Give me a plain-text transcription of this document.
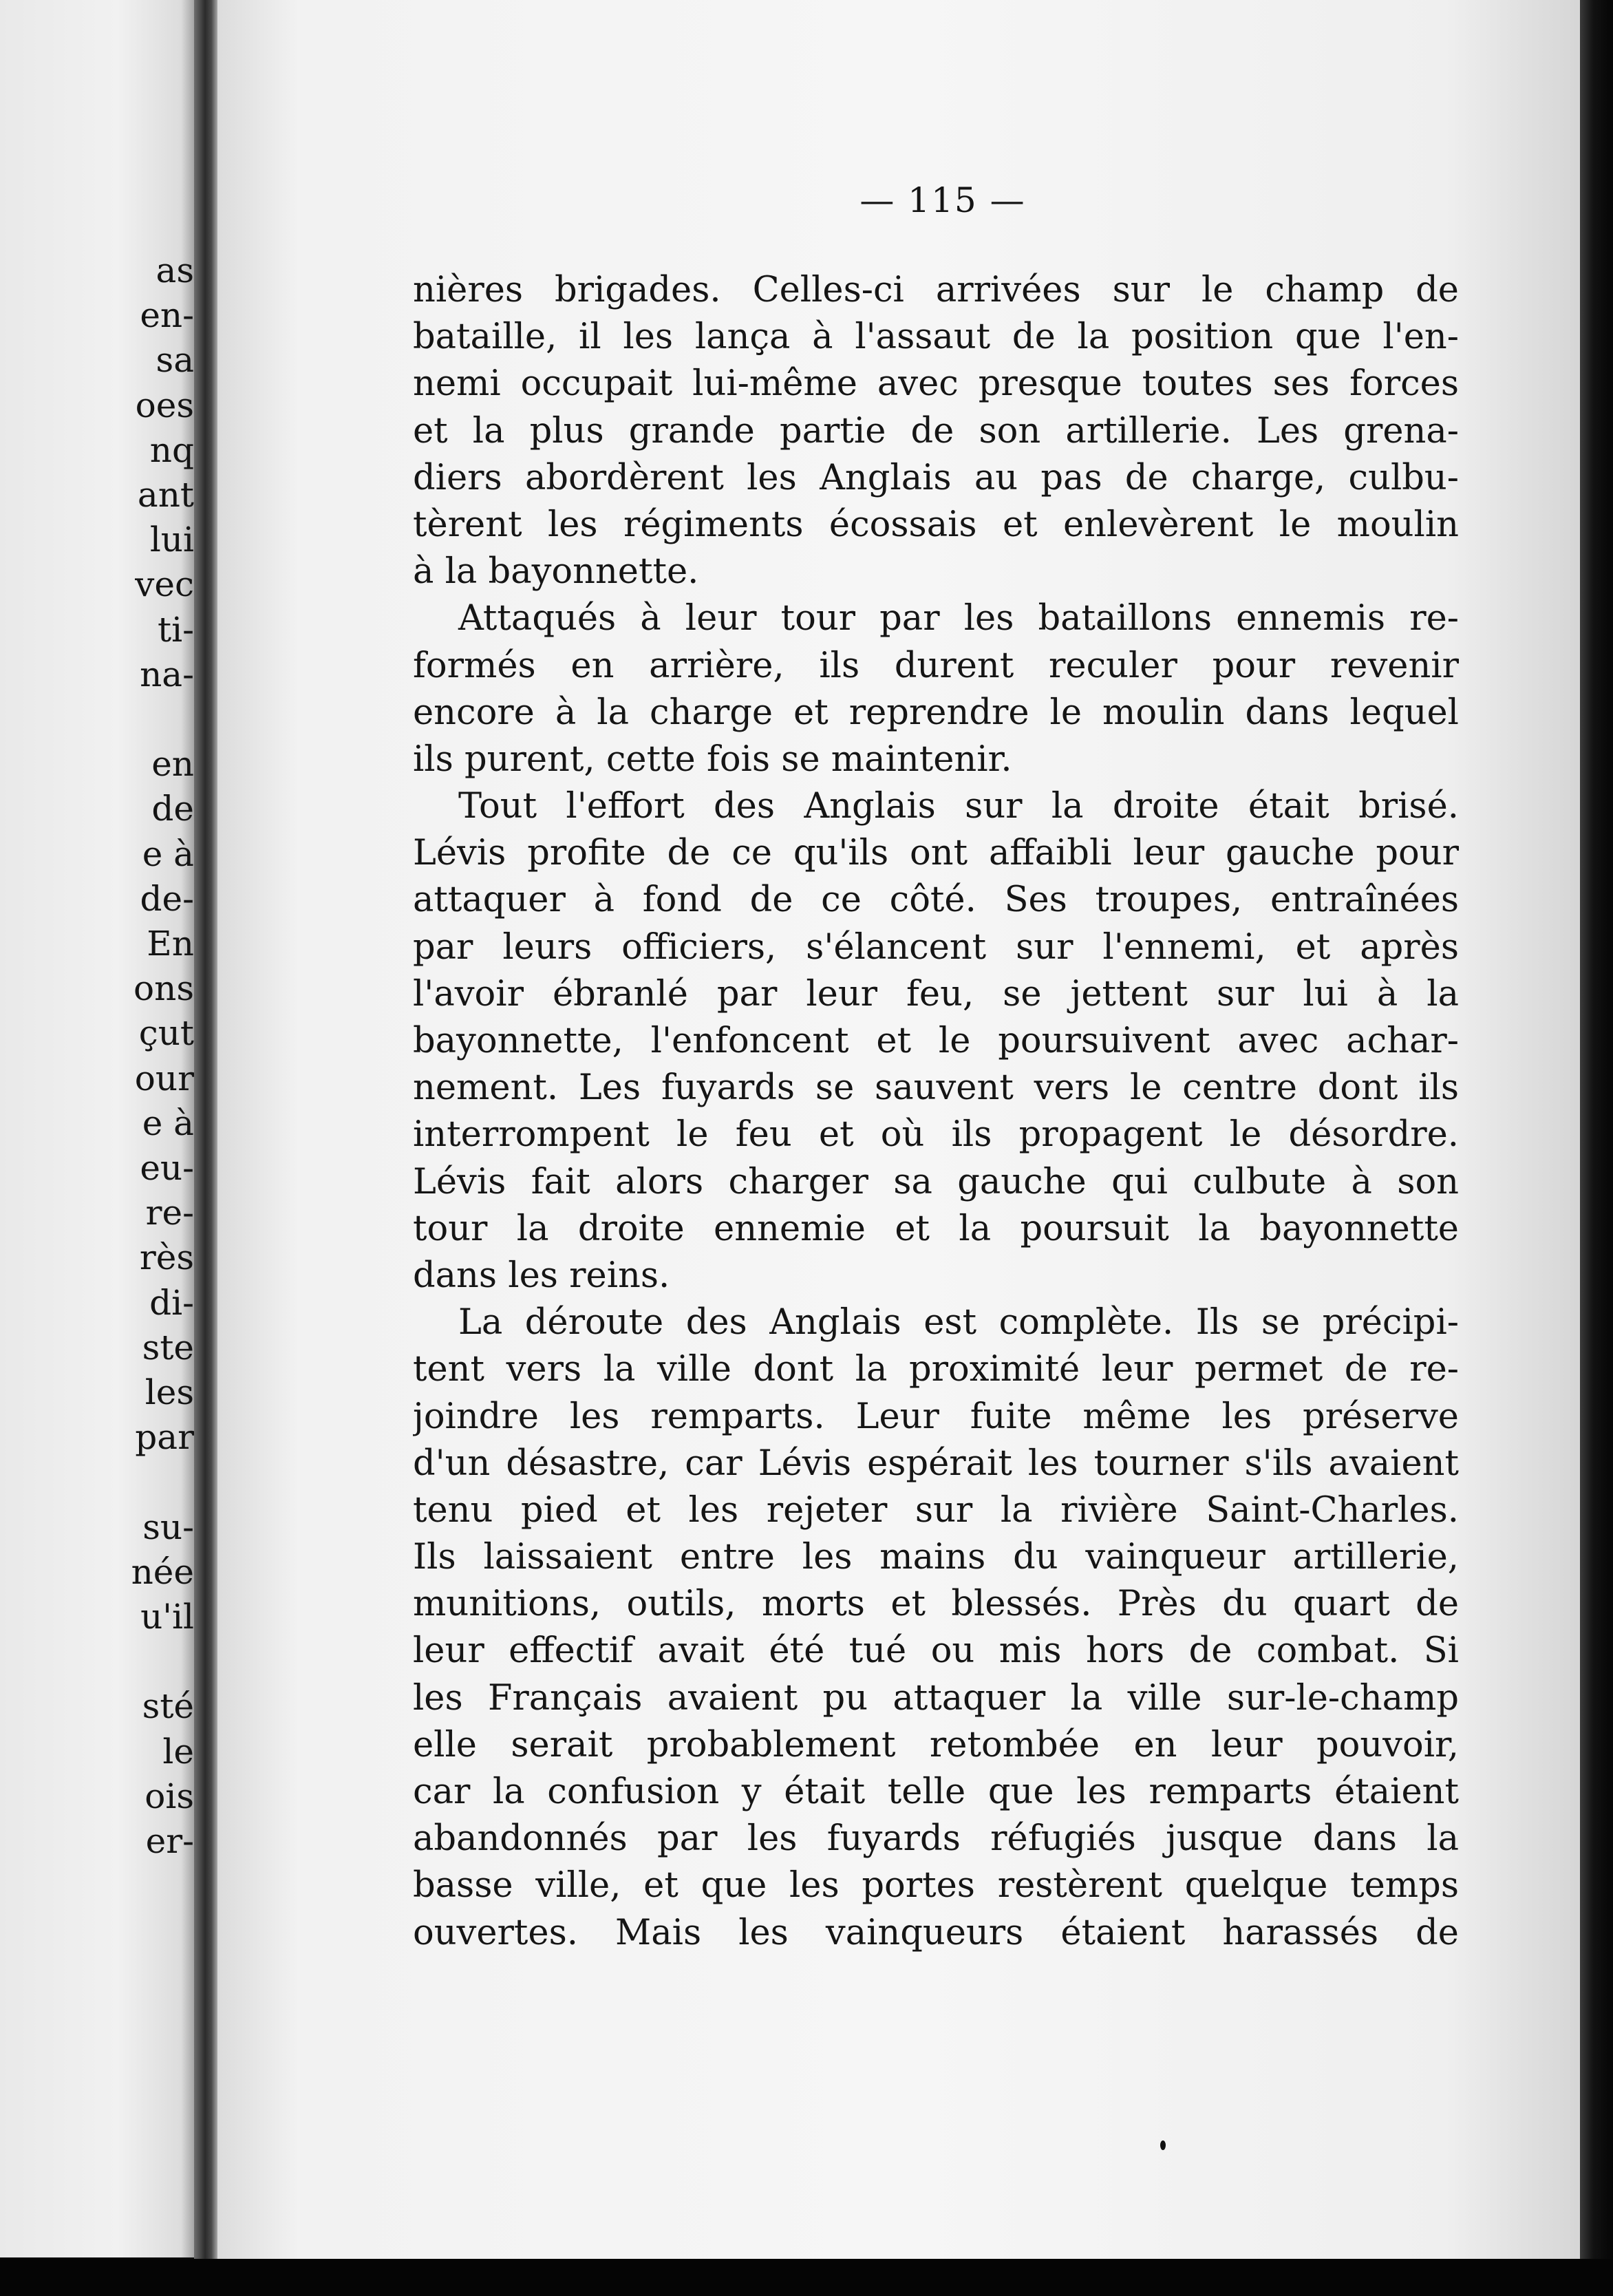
as

en-

sa

oes

nq

ant

lui

vec

ti-

na-

en

de

e à

de-

En

ons

çut

our

e à

eu-

re-

rès

di-

ste

les

par

su-

née

u'il

sté

le

ois

er-

— 115 —

nières brigades. Celles-ci arrivées sur le champ de
bataille, il les lança à l'assaut de la position que l'en-
nemi occupait lui-même avec presque toutes ses forces
et la plus grande partie de son artillerie. Les grena-
diers abordèrent les Anglais au pas de charge, culbu-
tèrent les régiments écossais et enlevèrent le moulin
à la bayonnette.
Attaqués à leur tour par les bataillons ennemis re-
formés en arrière, ils durent reculer pour revenir
encore à la charge et reprendre le moulin dans lequel
ils purent, cette fois se maintenir.
Tout l'effort des Anglais sur la droite était brisé.
Lévis profite de ce qu'ils ont affaibli leur gauche pour
attaquer à fond de ce côté. Ses troupes, entraînées
par leurs officiers, s'élancent sur l'ennemi, et après
l'avoir ébranlé par leur feu, se jettent sur lui à la
bayonnette, l'enfoncent et le poursuivent avec achar-
nement. Les fuyards se sauvent vers le centre dont ils
interrompent le feu et où ils propagent le désordre.
Lévis fait alors charger sa gauche qui culbute à son
tour la droite ennemie et la poursuit la bayonnette
dans les reins.
La déroute des Anglais est complète. Ils se précipi-
tent vers la ville dont la proximité leur permet de re-
joindre les remparts. Leur fuite même les préserve
d'un désastre, car Lévis espérait les tourner s'ils avaient
tenu pied et les rejeter sur la rivière Saint-Charles.
Ils laissaient entre les mains du vainqueur artillerie,
munitions, outils, morts et blessés. Près du quart de
leur effectif avait été tué ou mis hors de combat. Si
les Français avaient pu attaquer la ville sur-le-champ
elle serait probablement retombée en leur pouvoir,
car la confusion y était telle que les remparts étaient
abandonnés par les fuyards réfugiés jusque dans la
basse ville, et que les portes restèrent quelque temps
ouvertes. Mais les vainqueurs étaient harassés de
